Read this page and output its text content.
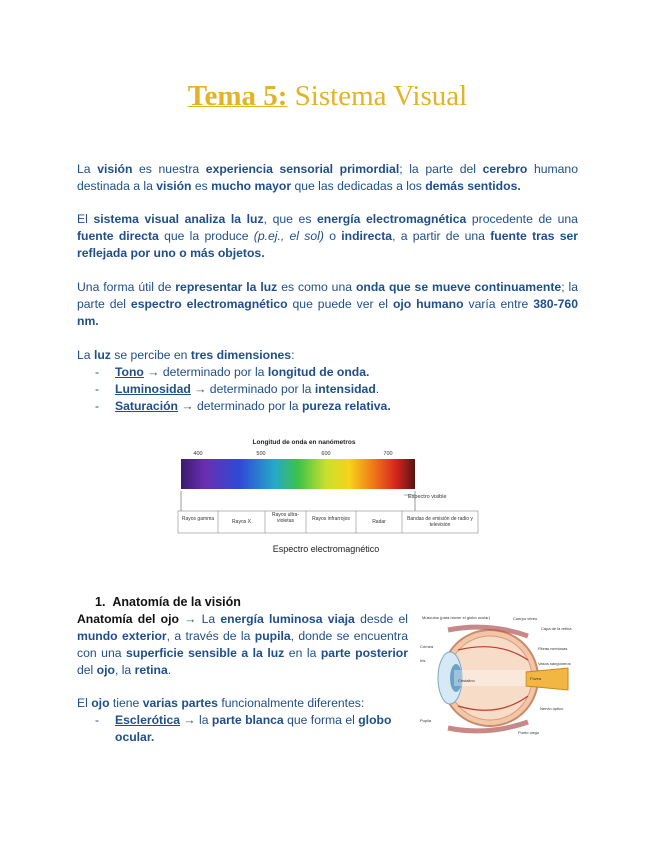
Tema 5: Sistema Visual
La visión es nuestra experiencia sensorial primordial; la parte del cerebro humano destinada a la visión es mucho mayor que las dedicadas a los demás sentidos.
El sistema visual analiza la luz, que es energía electromagnética procedente de una fuente directa que la produce (p.ej., el sol) o indirecta, a partir de una fuente tras ser reflejada por uno o más objetos.
Una forma útil de representar la luz es como una onda que se mueve continuamente; la parte del espectro electromagnético que puede ver el ojo humano varía entre 380-760 nm.
La luz se percibe en tres dimensiones:
- Tono → determinado por la longitud de onda.
- Luminosidad → determinado por la intensidad.
- Saturación → determinado por la pureza relativa.
Longitud de onda en nanómetros
400	500	600	700
Espectro visible
Rayos gamma	Rayos X
Rayos ultra-violetas	Rayos infrarrojos	Radar	Bandas de emisión de radio y televisión
Espectro electromagnético
1. Anatomía de la visión
Anatomía del ojo → La energía luminosa viaja desde el mundo exterior, a través de la pupila, donde se encuentra con una superficie sensible a la luz en la parte posterior del ojo, la retina.
El ojo tiene varias partes funcionalmente diferentes:
- Esclerótica → la parte blanca que forma el globo ocular.
Músculos (para mover el globo ocular)	Cuerpo vítreo
Capa de la retina
Córnea
Iris
Cristalino
Pupila
Fibras nerviosas
Vasos sanguíneos
Nervio óptico
Punto ciego
Fóvea
